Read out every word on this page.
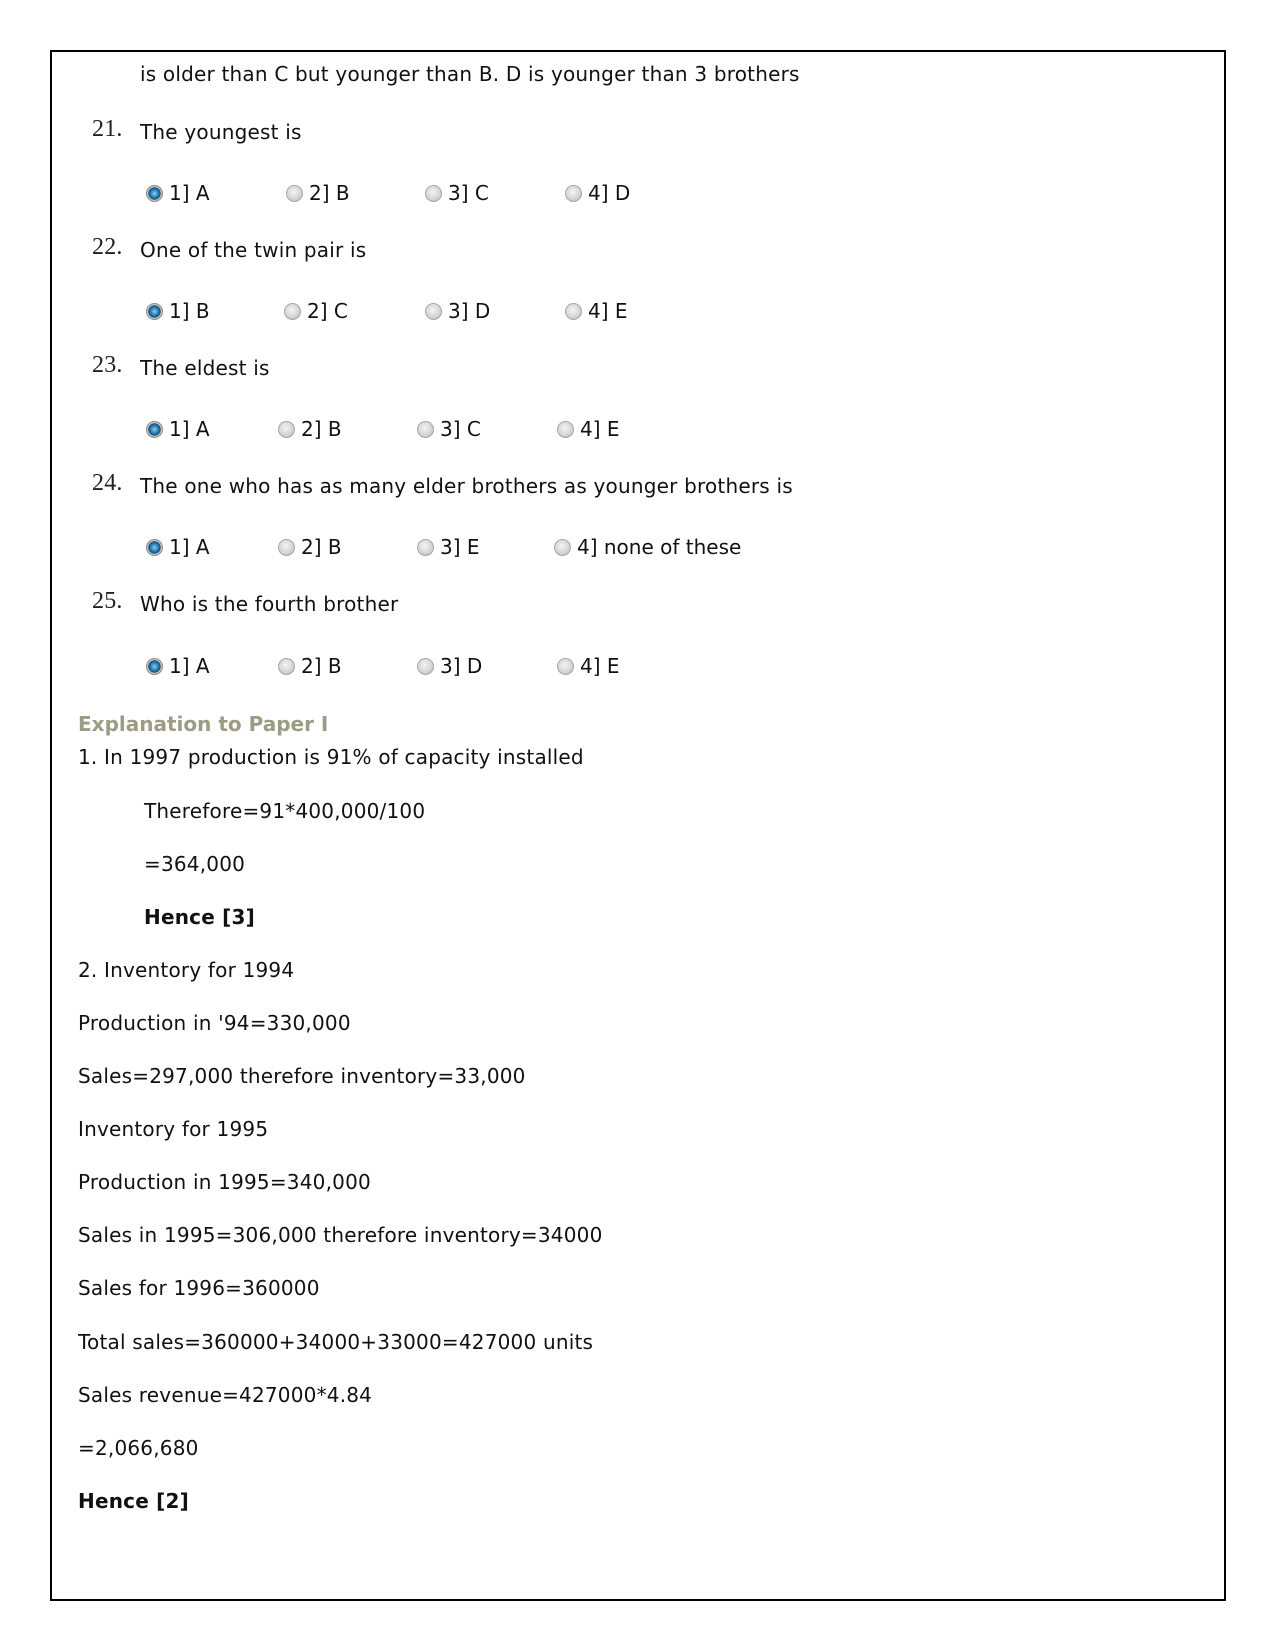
is older than C but younger than B. D is younger than 3 brothers
21. The youngest is
1] A	2] B	3] C	4] D
22. One of the twin pair is
1] B	2] C	3] D	4] E
23. The eldest is
1] A	2] B	3] C	4] E
24. The one who has as many elder brothers as younger brothers is
1] A	2] B	3] E	4] none of these
25. Who is the fourth brother
1] A	2] B	3] D	4] E
Explanation to Paper I
1. In 1997 production is 91% of capacity installed
Therefore=91*400,000/100
=364,000
Hence [3]
2. Inventory for 1994
Production in '94=330,000
Sales=297,000 therefore inventory=33,000
Inventory for 1995
Production in 1995=340,000
Sales in 1995=306,000 therefore inventory=34000
Sales for 1996=360000
Total sales=360000+34000+33000=427000 units
Sales revenue=427000*4.84
=2,066,680
Hence [2]
